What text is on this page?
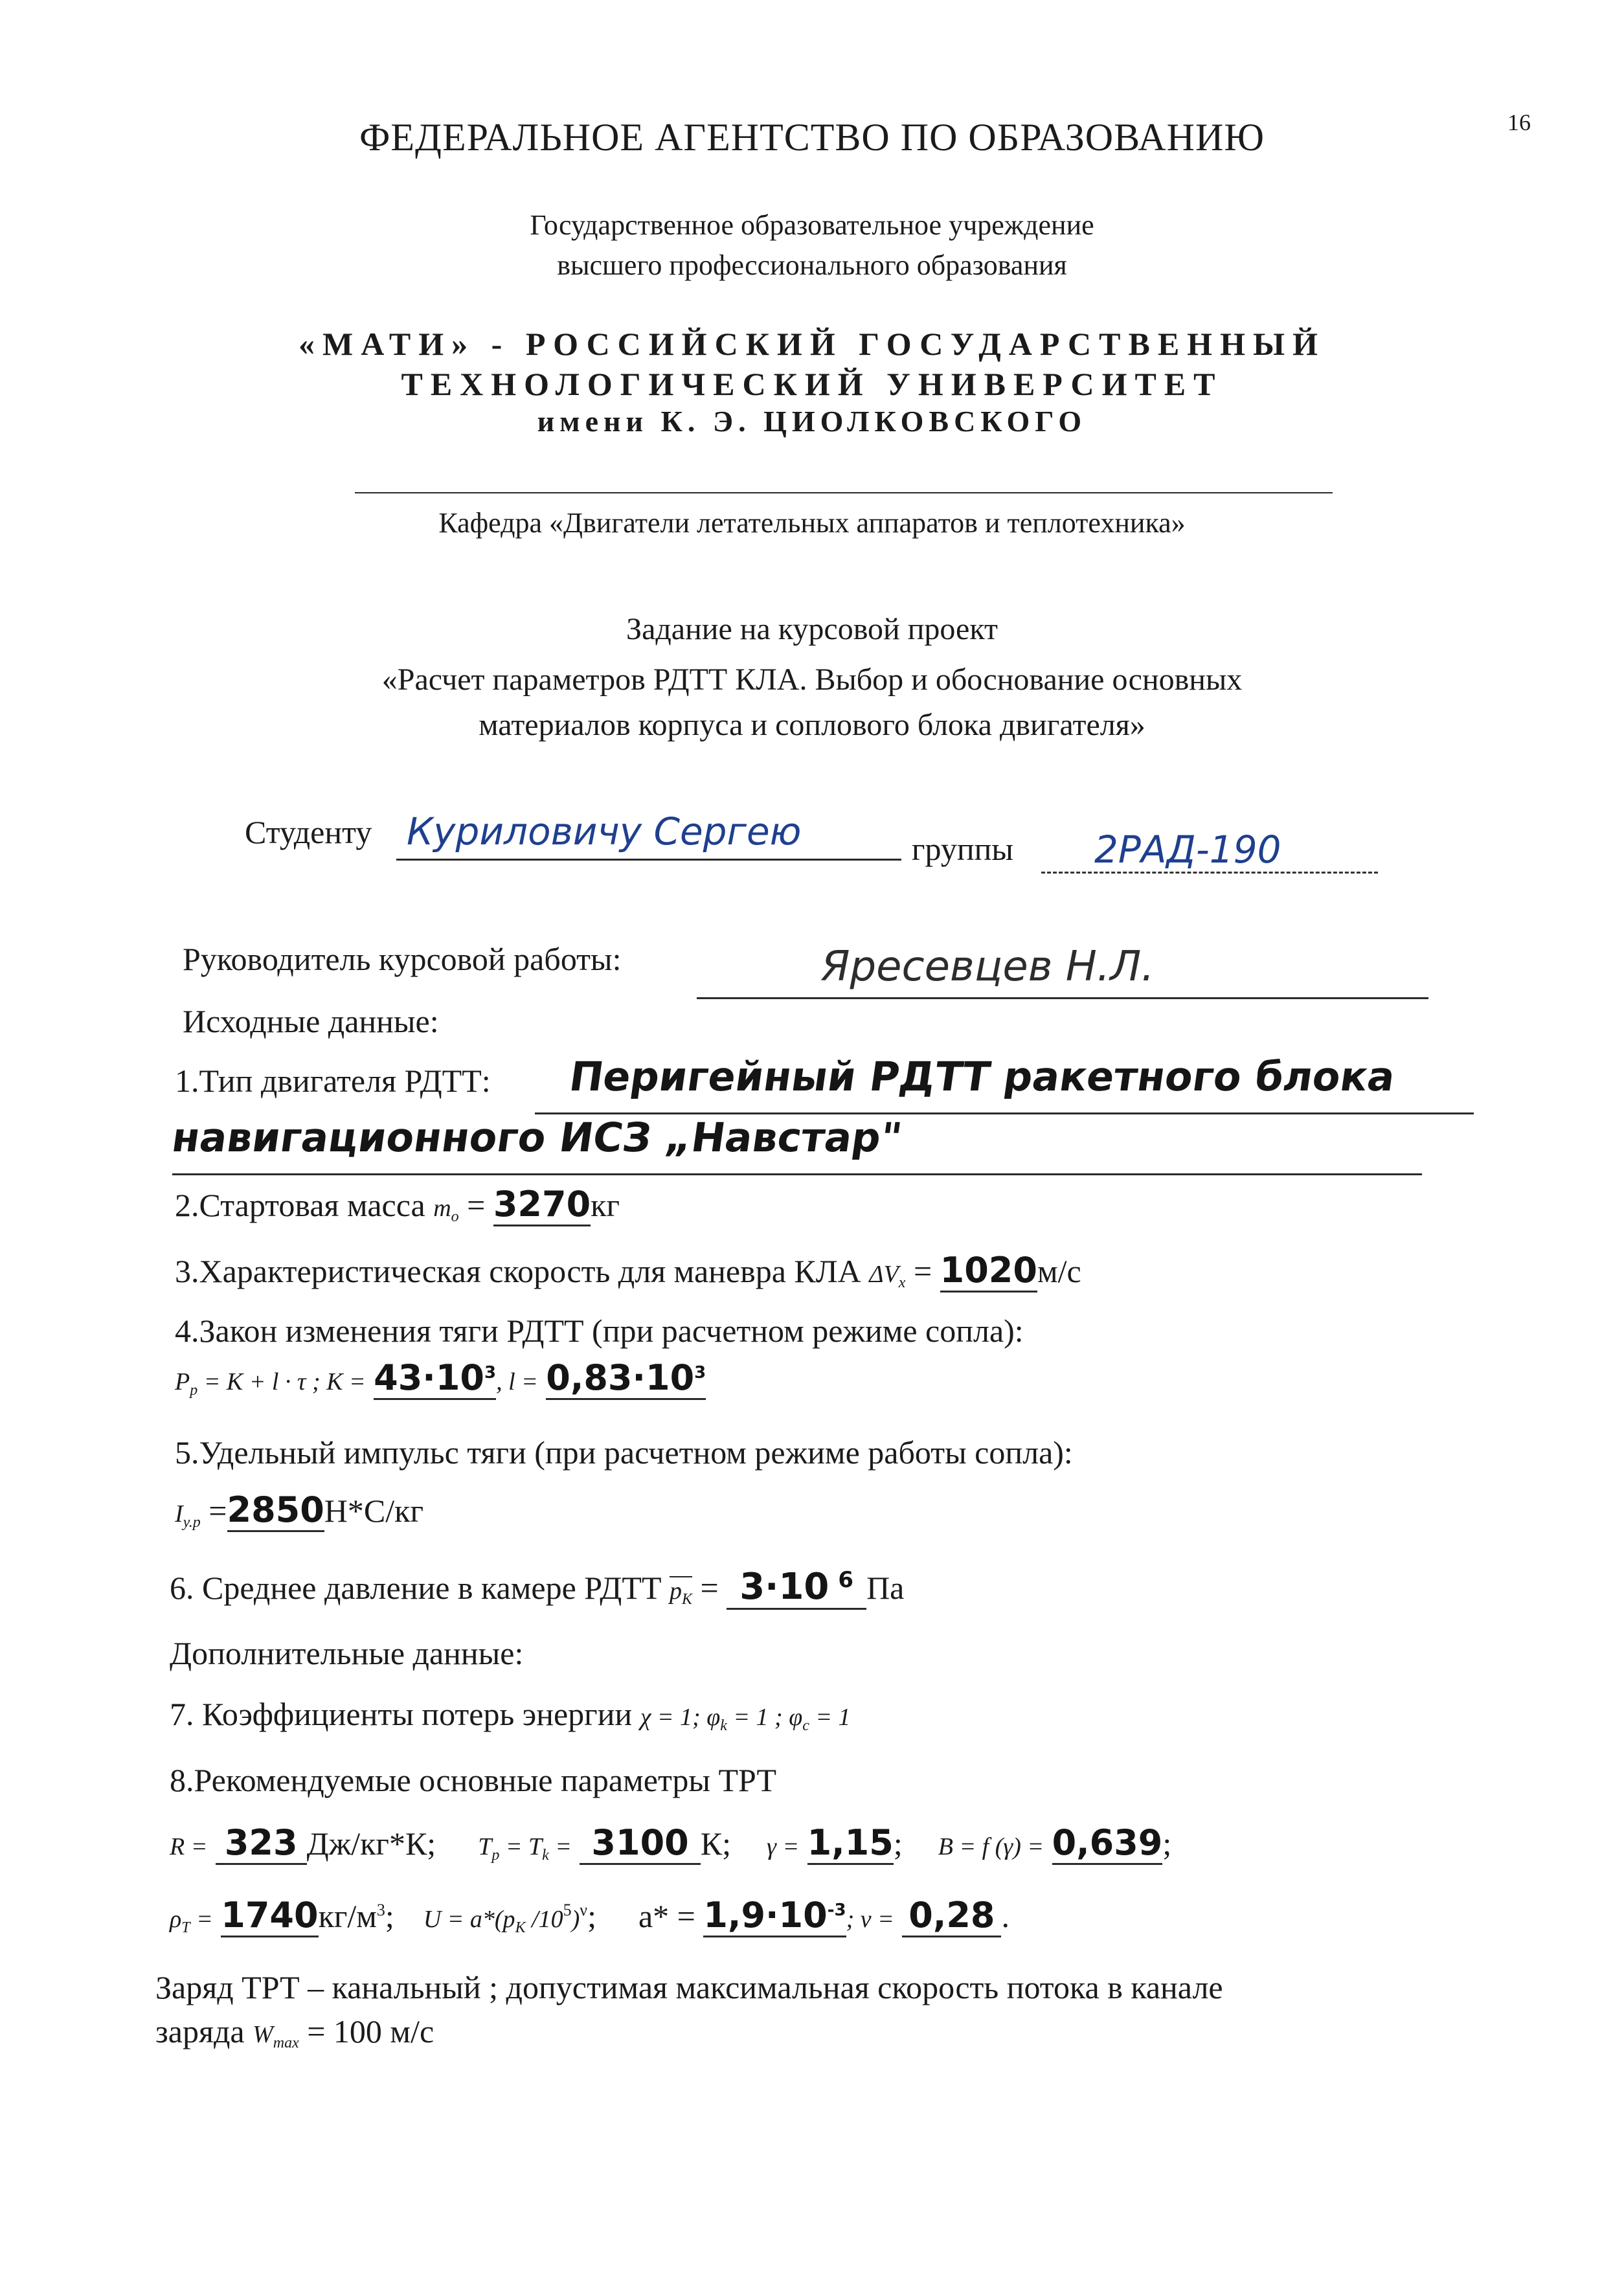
16
ФЕДЕРАЛЬНОЕ АГЕНТСТВО ПО ОБРАЗОВАНИЮ
Государственное образовательное учреждение
высшего профессионального образования
«МАТИ» - РОССИЙСКИЙ ГОСУДАРСТВЕННЫЙ
ТЕХНОЛОГИЧЕСКИЙ УНИВЕРСИТЕТ
имени К. Э. ЦИОЛКОВСКОГО
Кафедра «Двигатели летательных аппаратов и теплотехника»
Задание на курсовой проект
«Расчет параметров РДТТ КЛА. Выбор и обоснование основных
материалов корпуса и соплового блока двигателя»
Студенту Куриловичу Сергею	группы 2РАД-190
Руководитель курсовой работы:	Яресевцев Н.Л.
Исходные данные:
1.Тип двигателя РДТТ: Перигейный РДТТ ракетного блока
навигационного ИСЗ „Навстар"
2.Стартовая масса $m_o = 3270кг$
3.Характеристическая скорость для маневра КЛА $\Delta V_x = 1020м/с$
4.Закон изменения тяги РДТТ (при расчетном режиме сопла):
$P_p = K + l \cdot \tau$ ; $K = 43\cdot 10^3$, $l = 0,83\cdot 10^3$
5.Удельный импульс тяги (при расчетном режиме работы сопла):
$I_{у.р} =2850Н*С/кг$
6. Среднее давление в камере РДТТ $p_K = 3\cdot 10$ $^6$ Па
Дополнительные данные:
7. Коэффициенты потерь энергии χ = 1; $\varphi_k = 1$ ; $\varphi_c = 1$
8.Рекомендуемые основные параметры ТРТ
R = 323 Дж/кг*К; $T_p = T_k = 3100$ К; γ = 1,15; B = f (γ) = 0,639;
$\rho_T = 1740кг/м^3$; $U = a*(p_K$ $/10^5)^\nu$; $a* = 1,9\cdot 10^{-3}$; ν = 0,28 .
Заряд ТРТ – канальный ; допустимая максимальная скорость потока в канале
заряда $W_{max} = 100$ м/с
